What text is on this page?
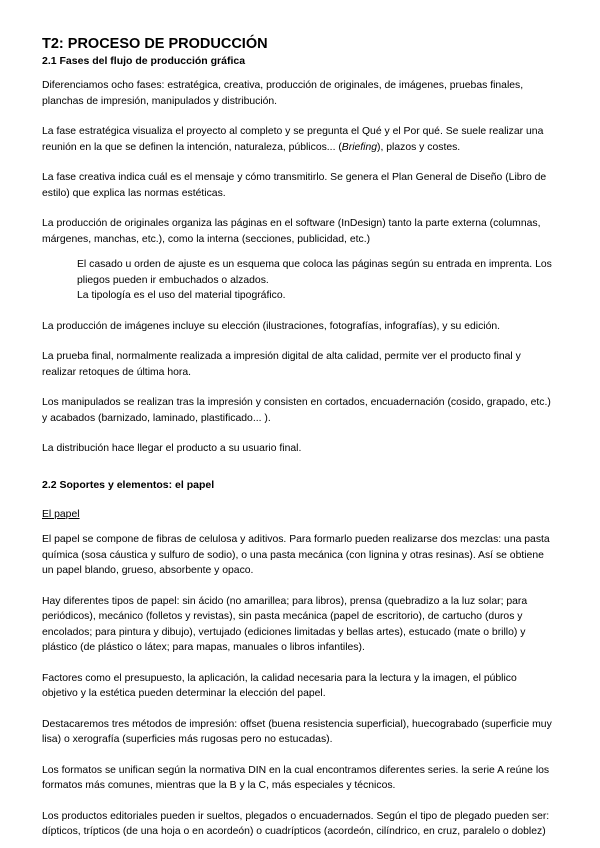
T2: PROCESO DE PRODUCCIÓN
2.1 Fases del flujo de producción gráfica

Diferenciamos ocho fases: estratégica, creativa, producción de originales, de imágenes, pruebas finales, planchas de impresión, manipulados y distribución.

La fase estratégica visualiza el proyecto al completo y se pregunta el Qué y el Por qué. Se suele realizar una reunión en la que se definen la intención, naturaleza, públicos... (Briefing), plazos y costes.

La fase creativa indica cuál es el mensaje y cómo transmitirlo. Se genera el Plan General de Diseño (Libro de estilo) que explica las normas estéticas.

La producción de originales organiza las páginas en el software (InDesign) tanto la parte externa (columnas, márgenes, manchas, etc.), como la interna (secciones, publicidad, etc.)

El casado u orden de ajuste es un esquema que coloca las páginas según su entrada en imprenta. Los pliegos pueden ir embuchados o alzados.

La tipología es el uso del material tipográfico.

La producción de imágenes incluye su elección (ilustraciones, fotografías, infografías), y su edición.

La prueba final, normalmente realizada a impresión digital de alta calidad, permite ver el producto final y realizar retoques de última hora.

Los manipulados se realizan tras la impresión y consisten en cortados, encuadernación (cosido, grapado, etc.) y acabados (barnizado, laminado, plastificado... ).

La distribución hace llegar el producto a su usuario final.

2.2 Soportes y elementos: el papel

El papel

El papel se compone de fibras de celulosa y aditivos. Para formarlo pueden realizarse dos mezclas: una pasta química (sosa cáustica y sulfuro de sodio), o una pasta mecánica (con lignina y otras resinas). Así se obtiene un papel blando, grueso, absorbente y opaco.

Hay diferentes tipos de papel: sin ácido (no amarillea; para libros), prensa (quebradizo a la luz solar; para periódicos), mecánico (folletos y revistas), sin pasta mecánica (papel de escritorio), de cartucho (duros y encolados; para pintura y dibujo), vertujado (ediciones limitadas y bellas artes), estucado (mate o brillo) y plástico (de plástico o látex; para mapas, manuales o libros infantiles).

Factores como el presupuesto, la aplicación, la calidad necesaria para la lectura y la imagen, el público objetivo y la estética pueden determinar la elección del papel.

Destacaremos tres métodos de impresión: offset (buena resistencia superficial), huecograbado (superficie muy lisa) o xerografía (superficies más rugosas pero no estucadas).

Los formatos se unifican según la normativa DIN en la cual encontramos diferentes series. la serie A reúne los formatos más comunes, mientras que la B y la C, más especiales y técnicos.

Los productos editoriales pueden ir sueltos, plegados o encuadernados. Según el tipo de plegado pueden ser: dípticos, trípticos (de una hoja o en acordeón) o cuadrípticos (acordeón, cilíndrico, en cruz, paralelo o doblez)
